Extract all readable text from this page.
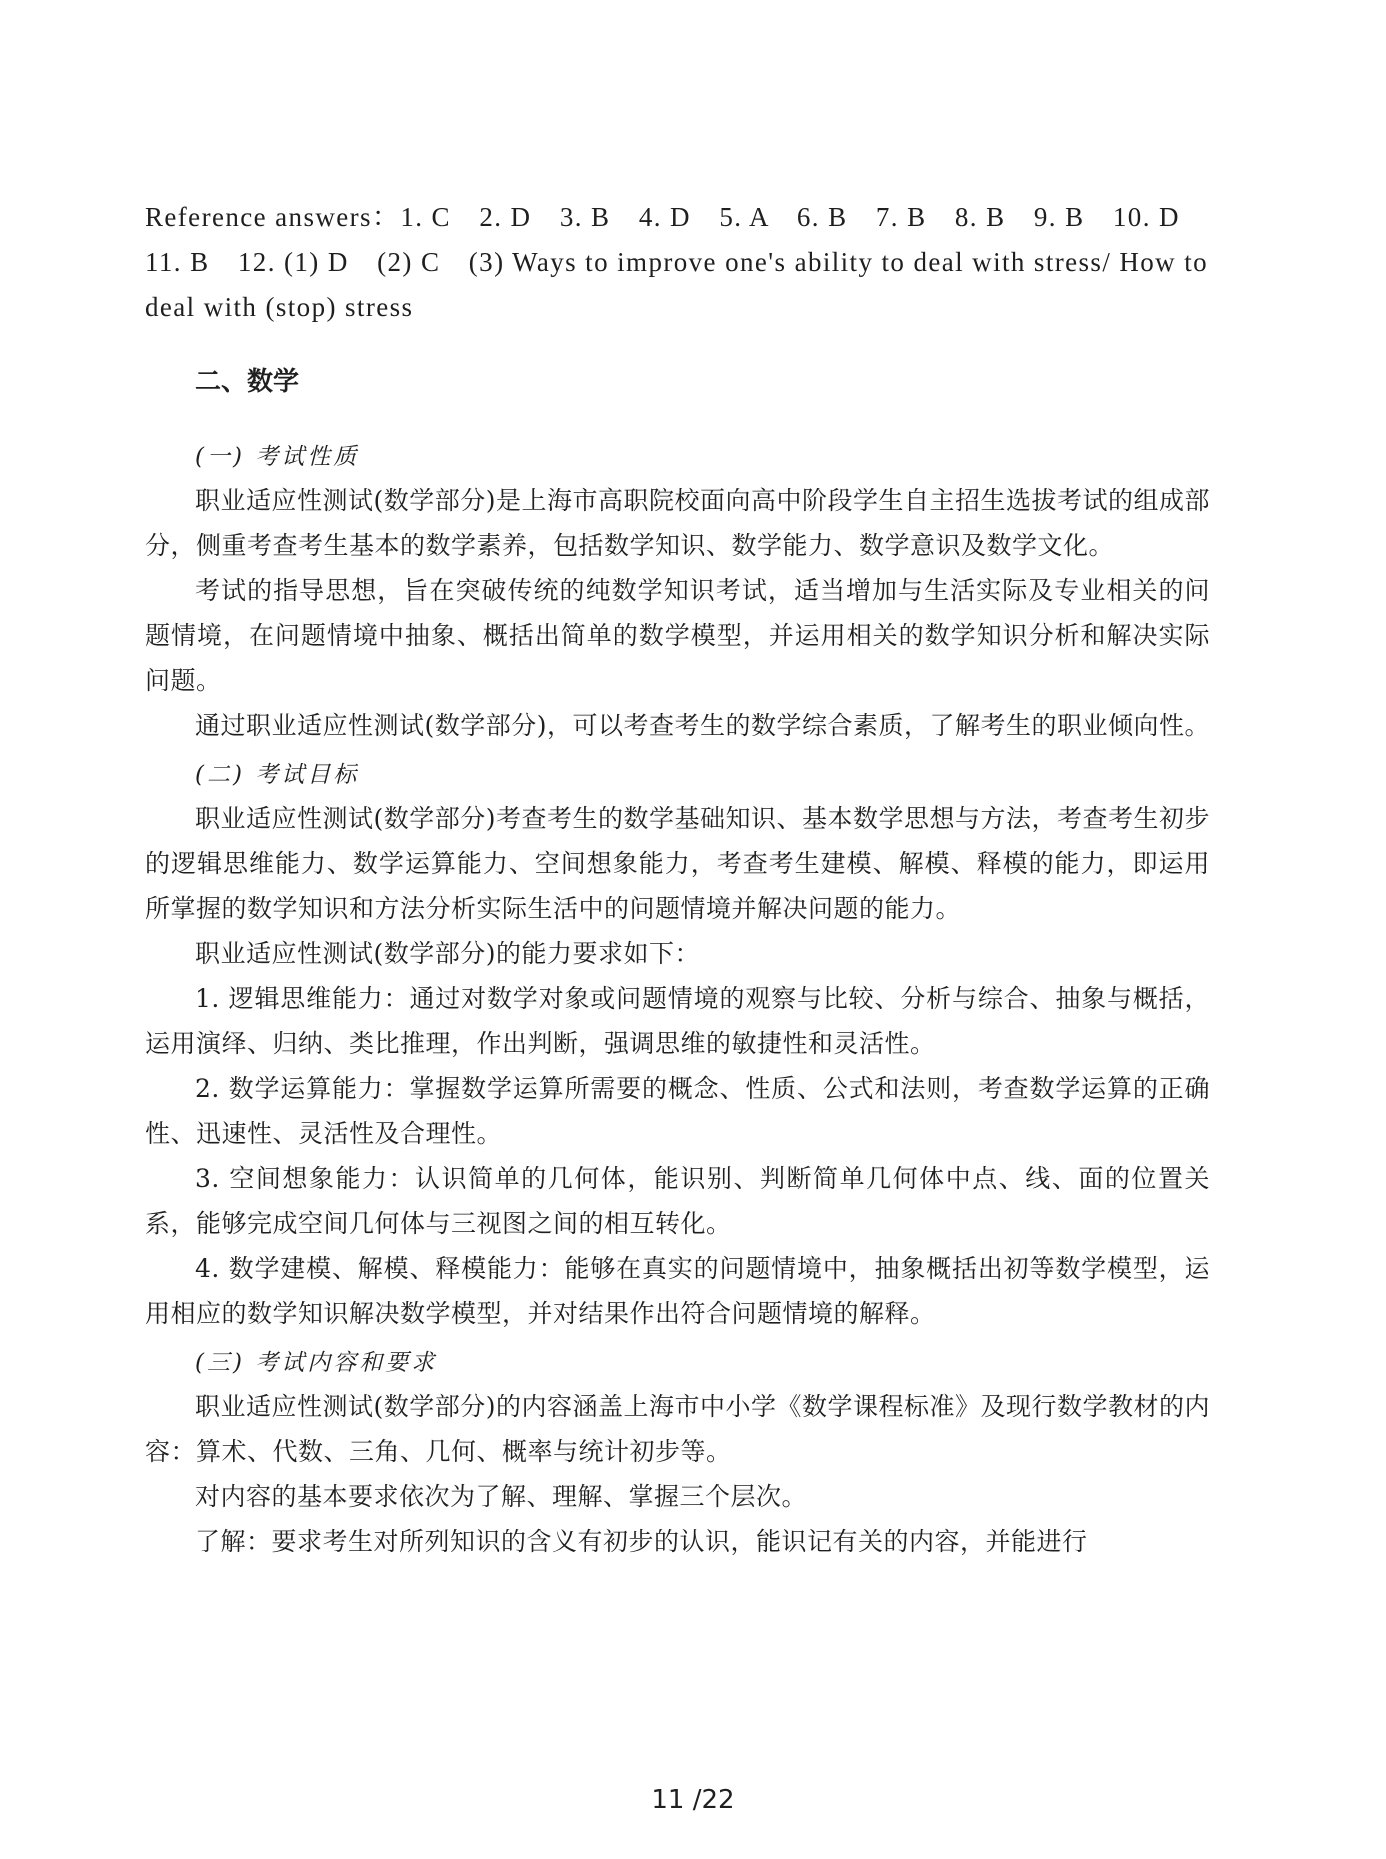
Reference answers：1. C　2. D　3. B　4. D　5. A　6. B　7. B　8. B　9. B　10. D　11. B　12. (1) D　(2) C　(3) Ways to improve one's ability to deal with stress/ How to deal with (stop) stress

二、数学
(一) 考试性质

职业适应性测试(数学部分)是上海市高职院校面向高中阶段学生自主招生选拔考试的组成部分，侧重考查考生基本的数学素养，包括数学知识、数学能力、数学意识及数学文化。

考试的指导思想，旨在突破传统的纯数学知识考试，适当增加与生活实际及专业相关的问题情境，在问题情境中抽象、概括出简单的数学模型，并运用相关的数学知识分析和解决实际问题。

通过职业适应性测试(数学部分)，可以考查考生的数学综合素质，了解考生的职业倾向性。

(二) 考试目标

职业适应性测试(数学部分)考查考生的数学基础知识、基本数学思想与方法，考查考生初步的逻辑思维能力、数学运算能力、空间想象能力，考查考生建模、解模、释模的能力，即运用所掌握的数学知识和方法分析实际生活中的问题情境并解决问题的能力。

职业适应性测试(数学部分)的能力要求如下：

1. 逻辑思维能力：通过对数学对象或问题情境的观察与比较、分析与综合、抽象与概括，运用演绎、归纳、类比推理，作出判断，强调思维的敏捷性和灵活性。

2. 数学运算能力：掌握数学运算所需要的概念、性质、公式和法则，考查数学运算的正确性、迅速性、灵活性及合理性。

3. 空间想象能力：认识简单的几何体，能识别、判断简单几何体中点、线、面的位置关系，能够完成空间几何体与三视图之间的相互转化。

4. 数学建模、解模、释模能力：能够在真实的问题情境中，抽象概括出初等数学模型，运用相应的数学知识解决数学模型，并对结果作出符合问题情境的解释。

(三) 考试内容和要求

职业适应性测试(数学部分)的内容涵盖上海市中小学《数学课程标准》及现行数学教材的内容：算术、代数、三角、几何、概率与统计初步等。

对内容的基本要求依次为了解、理解、掌握三个层次。

了解：要求考生对所列知识的含义有初步的认识，能识记有关的内容，并能进行

11 /22
